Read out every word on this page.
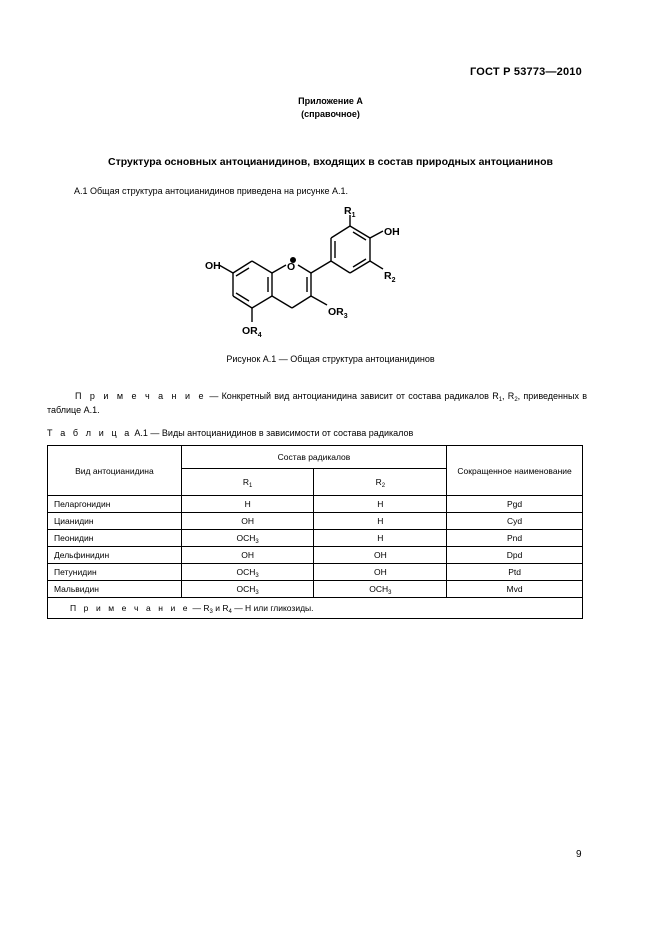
ГОСТ Р 53773—2010
Приложение А
(справочное)
Структура основных антоцианидинов, входящих в состав природных антоцианинов
А.1 Общая структура антоцианидинов приведена на рисунке А.1.
OH	O
$R_1$
OH
$R_2$
$OR_3$
$OR_4$
Рисунок А.1 — Общая структура антоцианидинов
П р и м е ч а н и е — Конкретный вид антоцианидина зависит от состава радикалов $R_1$, $R_2$, приведенных в таблице А.1.
Т а б л и ц а А.1 — Виды антоцианидинов в зависимости от состава радикалов
Вид антоцианидина	Состав радикалов		Сокращенное наименование
	$R_1$	$R_2$
Пеларгонидин	H	H	Pgd
Цианидин	OH	H	Cyd
Пеонидин	$OCH_3$	H	Pnd
Дельфинидин	OH	OH	Dpd
Петунидин	$OCH_3$	OH	Ptd
Мальвидин	$OCH_3$	$OCH_3$	Mvd
П р и м е ч а н и е — $R_3$ и $R_4$ — H или гликозиды.			
9
